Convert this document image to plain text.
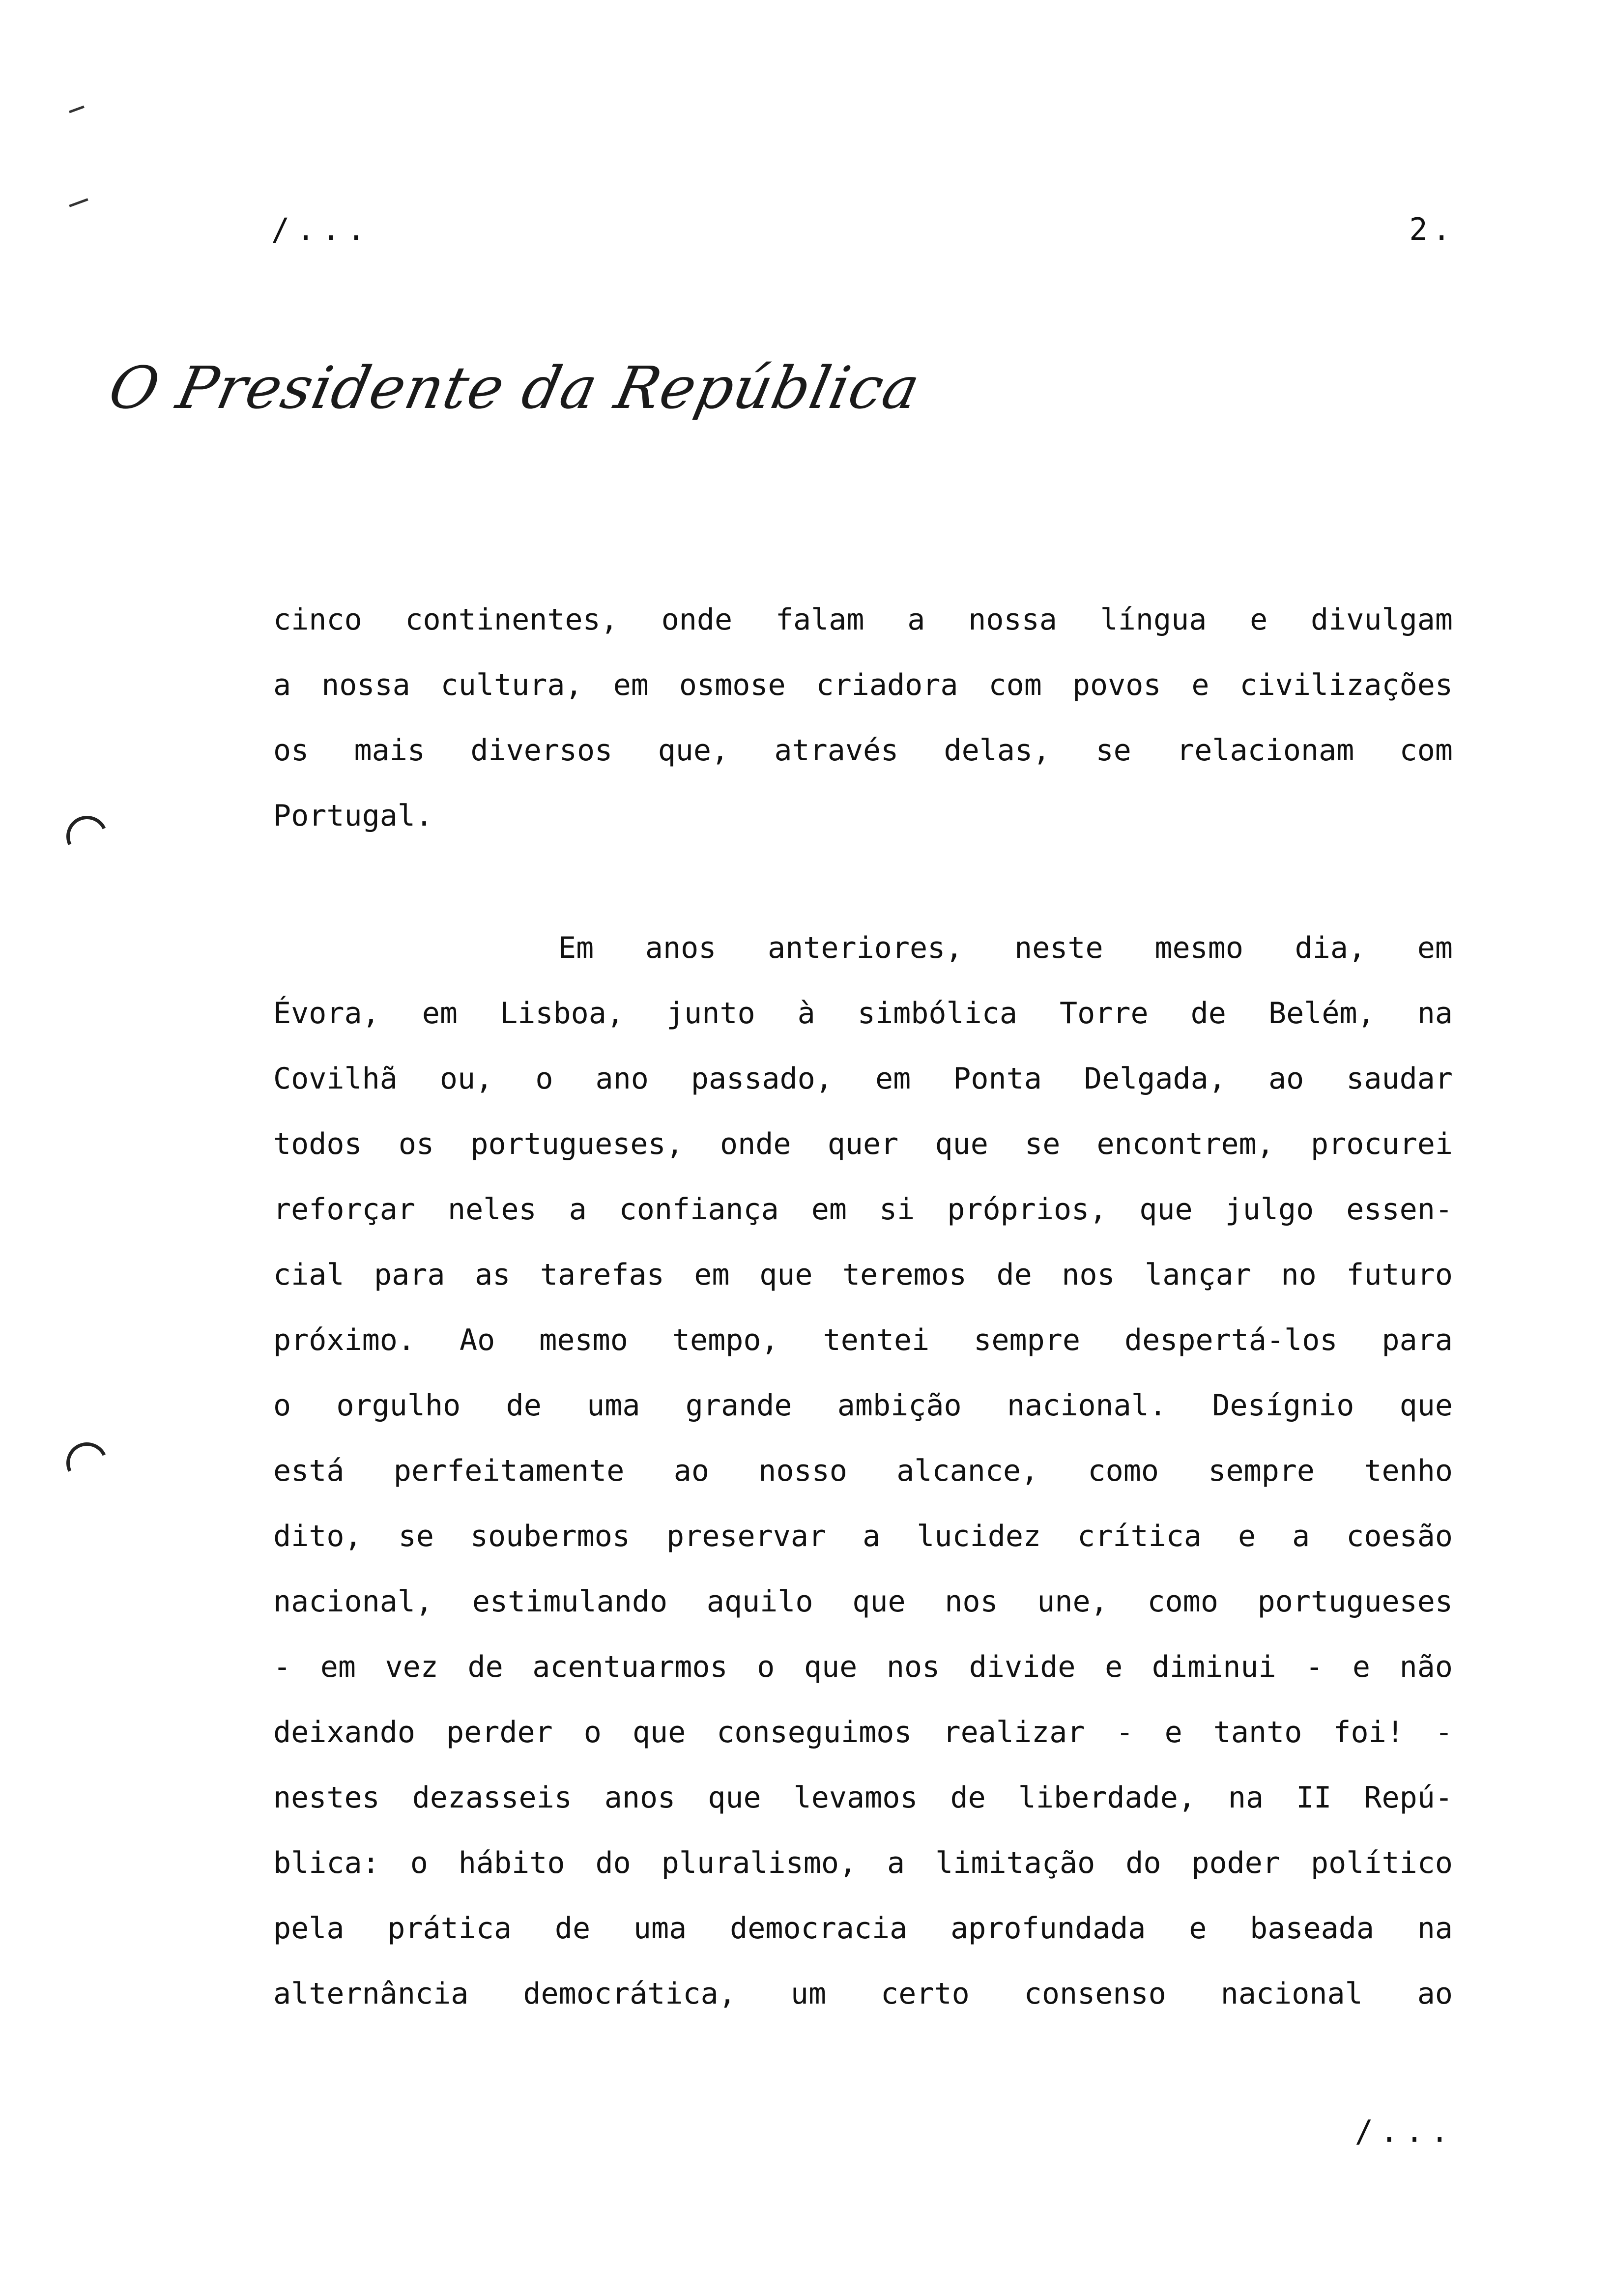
/...	2.
O Presidente da República
cinco continentes, onde falam a nossa língua e divulgam
a nossa cultura, em osmose criadora com povos e civilizações
os mais diversos que, através delas, se relacionam com
Portugal.
Em anos anteriores, neste mesmo dia, em
Évora, em Lisboa, junto à simbólica Torre de Belém, na
Covilhã ou, o ano passado, em Ponta Delgada, ao saudar
todos os portugueses, onde quer que se encontrem, procurei
reforçar neles a confiança em si próprios, que julgo essen-
cial para as tarefas em que teremos de nos lançar no futuro
próximo. Ao mesmo tempo, tentei sempre despertá-los para
o orgulho de uma grande ambição nacional. Desígnio que
está perfeitamente ao nosso alcance, como sempre tenho
dito, se soubermos preservar a lucidez crítica e a coesão
nacional, estimulando aquilo que nos une, como portugueses
- em vez de acentuarmos o que nos divide e diminui - e não
deixando perder o que conseguimos realizar - e tanto foi! -
nestes dezasseis anos que levamos de liberdade, na II Repú-
blica: o hábito do pluralismo, a limitação do poder político
pela prática de uma democracia aprofundada e baseada na
alternância democrática, um certo consenso nacional ao
/...
